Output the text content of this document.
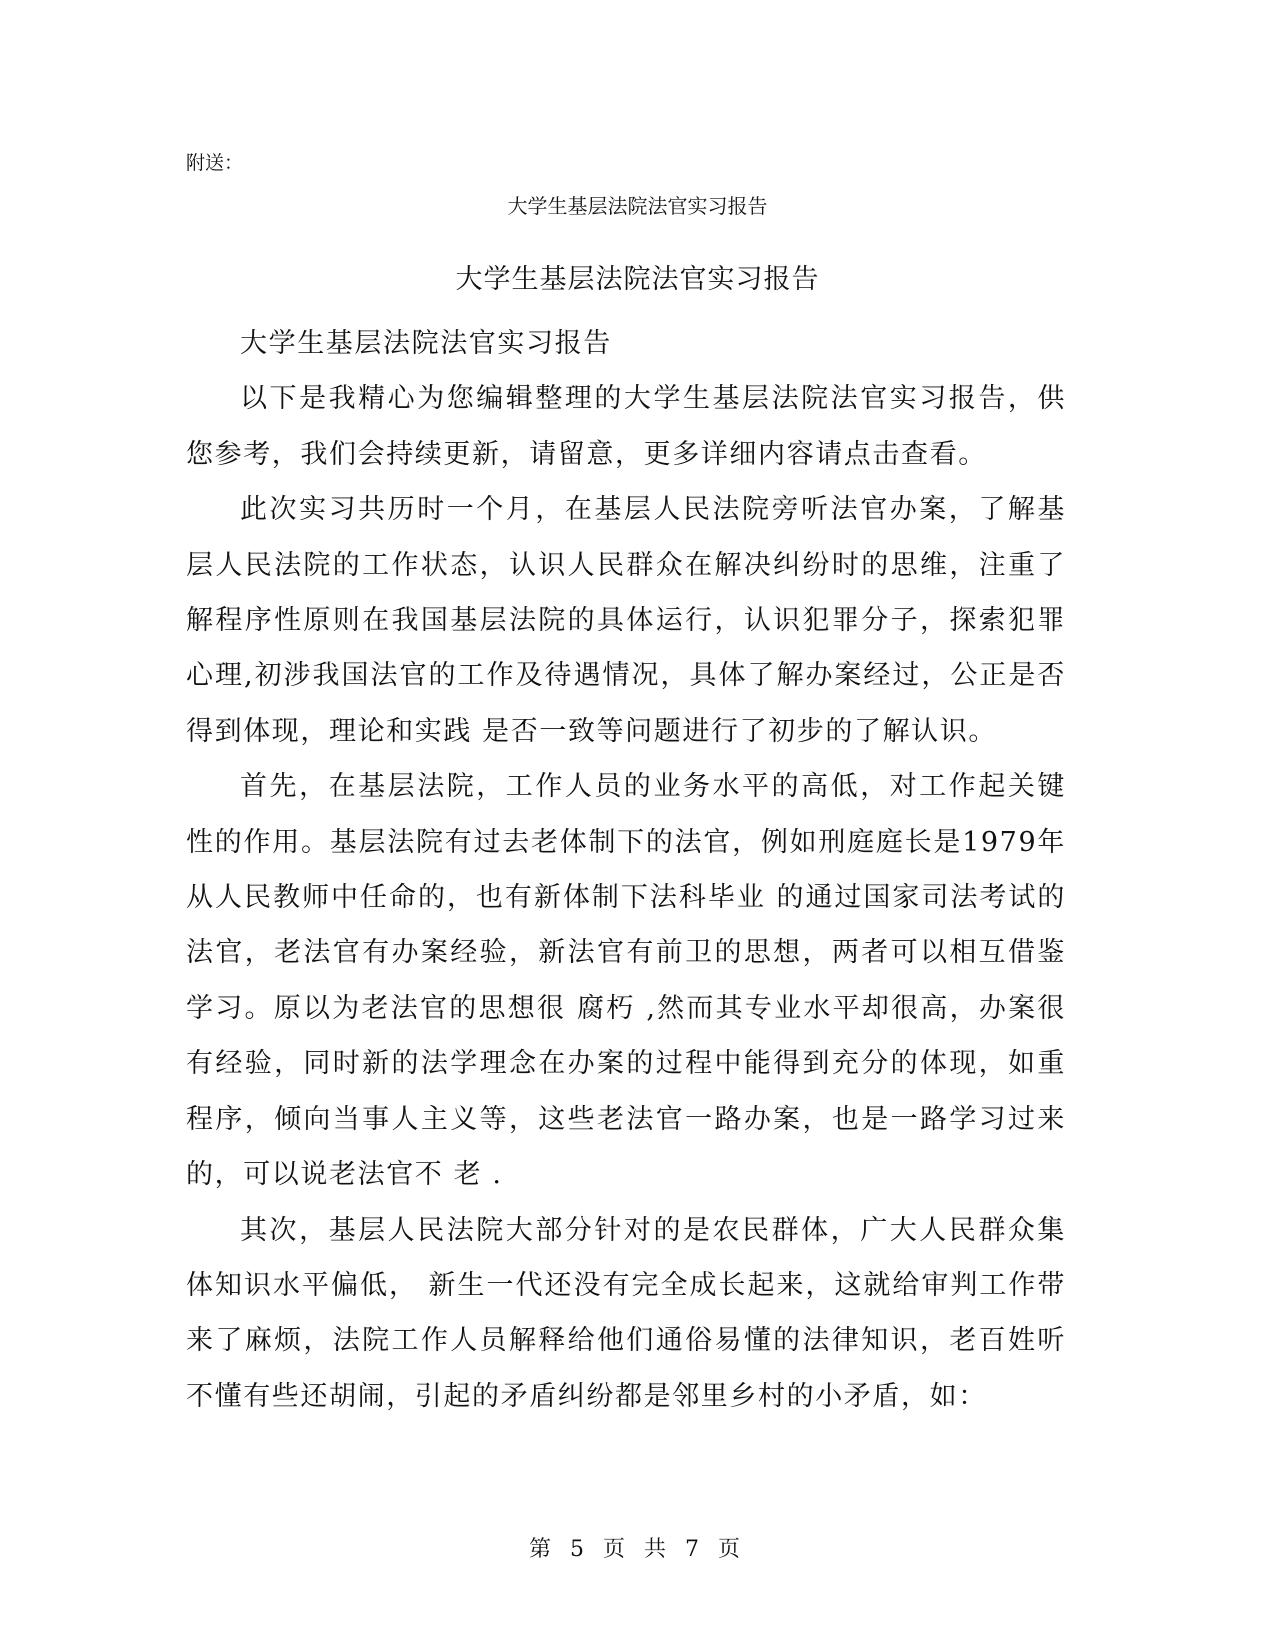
附送：
大学生基层法院法官实习报告
大学生基层法院法官实习报告

大学生基层法院法官实习报告

以下是我精心为您编辑整理的大学生基层法院法官实习报告，供您参考，我们会持续更新，请留意，更多详细内容请点击查看。

此次实习共历时一个月，在基层人民法院旁听法官办案，了解基层人民法院的工作状态，认识人民群众在解决纠纷时的思维，注重了解程序性原则在我国基层法院的具体运行，认识犯罪分子，探索犯罪心理,初涉我国法官的工作及待遇情况，具体了解办案经过，公正是否得到体现，理论和实践 是否一致等问题进行了初步的了解认识。

首先，在基层法院，工作人员的业务水平的高低，对工作起关键性的作用。基层法院有过去老体制下的法官，例如刑庭庭长是1979年从人民教师中任命的，也有新体制下法科毕业 的通过国家司法考试的法官，老法官有办案经验，新法官有前卫的思想，两者可以相互借鉴学习。原以为老法官的思想很 腐朽 ,然而其专业水平却很高，办案很有经验，同时新的法学理念在办案的过程中能得到充分的体现，如重程序，倾向当事人主义等，这些老法官一路办案，也是一路学习过来的，可以说老法官不 老 .

其次，基层人民法院大部分针对的是农民群体，广大人民群众集体知识水平偏低， 新生一代还没有完全成长起来，这就给审判工作带来了麻烦，法院工作人员解释给他们通俗易懂的法律知识，老百姓听不懂有些还胡闹，引起的矛盾纠纷都是邻里乡村的小矛盾，如：

第 5 页 共 7 页
